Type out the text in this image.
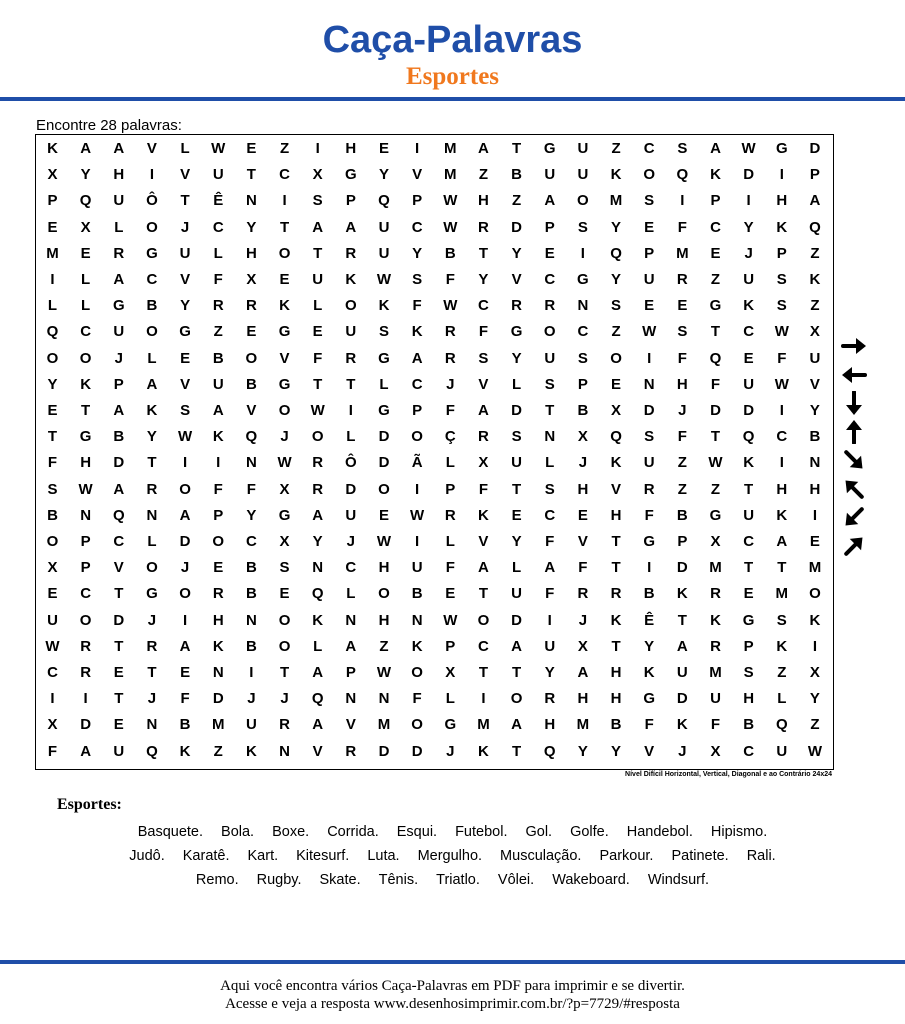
Caça-Palavras
Esportes
Encontre 28 palavras:
K	A	A	V	L	W	E	Z	I	H	E	I	M	A	T	G	U	Z	C	S	A	W	G	D
X	Y	H	I	V	U	T	C	X	G	Y	V	M	Z	B	U	U	K	O	Q	K	D	I	P
P	Q	U	Ô	T	Ê	N	I	S	P	Q	P	W	H	Z	A	O	M	S	I	P	I	H	A
E	X	L	O	J	C	Y	T	A	A	U	C	W	R	D	P	S	Y	E	F	C	Y	K	Q
M	E	R	G	U	L	H	O	T	R	U	Y	B	T	Y	E	I	Q	P	M	E	J	P	Z
I	L	A	C	V	F	X	E	U	K	W	S	F	Y	V	C	G	Y	U	R	Z	U	S	K
L	L	G	B	Y	R	R	K	L	O	K	F	W	C	R	R	N	S	E	E	G	K	S	Z
Q	C	U	O	G	Z	E	G	E	U	S	K	R	F	G	O	C	Z	W	S	T	C	W	X
O	O	J	L	E	B	O	V	F	R	G	A	R	S	Y	U	S	O	I	F	Q	E	F	U
Y	K	P	A	V	U	B	G	T	T	L	C	J	V	L	S	P	E	N	H	F	U	W	V
E	T	A	K	S	A	V	O	W	I	G	P	F	A	D	T	B	X	D	J	D	D	I	Y
T	G	B	Y	W	K	Q	J	O	L	D	O	Ç	R	S	N	X	Q	S	F	T	Q	C	B
F	H	D	T	I	I	N	W	R	Ô	D	Ã	L	X	U	L	J	K	U	Z	W	K	I	N
S	W	A	R	O	F	F	X	R	D	O	I	P	F	T	S	H	V	R	Z	Z	T	H	H
B	N	Q	N	A	P	Y	G	A	U	E	W	R	K	E	C	E	H	F	B	G	U	K	I
O	P	C	L	D	O	C	X	Y	J	W	I	L	V	Y	F	V	T	G	P	X	C	A	E
X	P	V	O	J	E	B	S	N	C	H	U	F	A	L	A	F	T	I	D	M	T	T	M
E	C	T	G	O	R	B	E	Q	L	O	B	E	T	U	F	R	R	B	K	R	E	M	O
U	O	D	J	I	H	N	O	K	N	H	N	W	O	D	I	J	K	Ê	T	K	G	S	K
W	R	T	R	A	K	B	O	L	A	Z	K	P	C	A	U	X	T	Y	A	R	P	K	I
C	R	E	T	E	N	I	T	A	P	W	O	X	T	T	Y	A	H	K	U	M	S	Z	X
I	I	T	J	F	D	J	J	Q	N	N	F	L	I	O	R	H	H	G	D	U	H	L	Y
X	D	E	N	B	M	U	R	A	V	M	O	G	M	A	H	M	B	F	K	F	B	Q	Z
F	A	U	Q	K	Z	K	N	V	R	D	D	J	K	T	Q	Y	Y	V	J	X	C	U	W
Nível Difícil Horizontal, Vertical, Diagonal e ao Contrário 24x24
Esportes:
Basquete. Bola. Boxe. Corrida. Esqui. Futebol. Gol. Golfe. Handebol. Hipismo.
Judô. Karatê. Kart. Kitesurf. Luta. Mergulho. Musculação. Parkour. Patinete. Rali.
Remo. Rugby. Skate. Tênis. Triatlo. Vôlei. Wakeboard. Windsurf.
Aqui você encontra vários Caça-Palavras em PDF para imprimir e se divertir.
Acesse e veja a resposta www.desenhosimprimir.com.br/?p=7729/#resposta
